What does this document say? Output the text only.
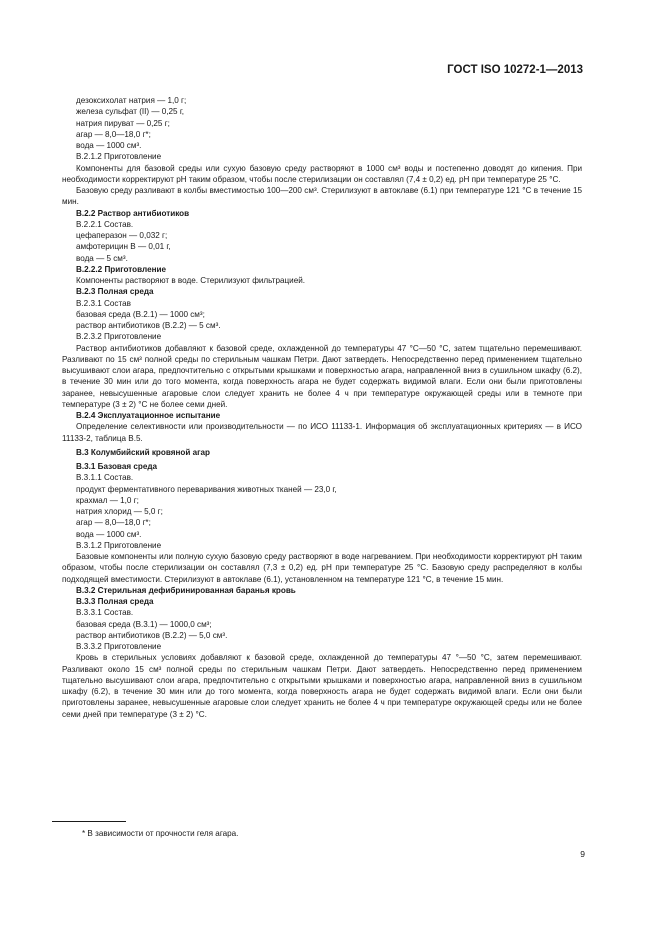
ГОСТ ISO 10272-1—2013

дезоксихолат натрия — 1,0 г;

железа сульфат (II) — 0,25 г,

натрия пируват — 0,25 г;

агар — 8,0—18,0 г*;

вода — 1000 см³.

В.2.1.2 Приготовление

Компоненты для базовой среды или сухую базовую среду растворяют в 1000 см³ воды и постепенно доводят до кипения. При необходимости корректируют pH таким образом, чтобы после стерилизации он составлял (7,4 ± 0,2) ед. pH при температуре 25 °С.

Базовую среду разливают в колбы вместимостью 100—200 см³. Стерилизуют в автоклаве (6.1) при температуре 121 °С в течение 15 мин.

В.2.2 Раствор антибиотиков

В.2.2.1 Состав.

цефаперазон — 0,032 г;

амфотерицин В — 0,01 г,

вода — 5 см³.

В.2.2.2 Приготовление

Компоненты растворяют в воде. Стерилизуют фильтрацией.

В.2.3 Полная среда

В.2.3.1 Состав

базовая среда (В.2.1) — 1000 см³;

раствор антибиотиков (В.2.2) — 5 см³.

В.2.3.2 Приготовление

Раствор антибиотиков добавляют к базовой среде, охлажденной до температуры 47 °С—50 °С, затем тщательно перемешивают. Разливают по 15 см³ полной среды по стерильным чашкам Петри. Дают затвердеть. Непосредственно перед применением тщательно высушивают слои агара, предпочтительно с открытыми крышками и поверхностью агара, направленной вниз в сушильном шкафу (6.2), в течение 30 мин или до того момента, когда поверхность агара не будет содержать видимой влаги. Если они были приготовлены заранее, невысушенные агаровые слои следует хранить не более 4 ч при температуре окружающей среды или в темноте при температуре (3 ± 2) °С не более семи дней.

В.2.4 Эксплуатационное испытание

Определение селективности или производительности — по ИСО 11133-1. Информация об эксплуатационных критериях — в ИСО 11133-2, таблица В.5.

В.3 Колумбийский кровяной агар

В.3.1 Базовая среда

В.3.1.1 Состав.

продукт ферментативного переваривания животных тканей — 23,0 г,

крахмал — 1,0 г;

натрия хлорид — 5,0 г;

агар — 8,0—18,0 г*;

вода — 1000 см³.

В.3.1.2 Приготовление

Базовые компоненты или полную сухую базовую среду растворяют в воде нагреванием. При необходимости корректируют pH таким образом, чтобы после стерилизации он составлял (7,3 ± 0,2) ед. pH при температуре 25 °С. Базовую среду распределяют в колбы подходящей вместимости. Стерилизуют в автоклаве (6.1), установленном на температуре 121 °С, в течение 15 мин.

В.3.2 Стерильная дефибринированная баранья кровь

В.3.3 Полная среда

В.3.3.1 Состав.

базовая среда (В.3.1) — 1000,0 см³;

раствор антибиотиков (В.2.2) — 5,0 см³.

В.3.3.2 Приготовление

Кровь в стерильных условиях добавляют к базовой среде, охлажденной до температуры 47 °—50 °С, затем перемешивают. Разливают около 15 см³ полной среды по стерильным чашкам Петри. Дают затвердеть. Непосредственно перед применением тщательно высушивают слои агара, предпочтительно с открытыми крышками и поверхностью агара, направленной вниз в сушильном шкафу (6.2), в течение 30 мин или до того момента, когда поверхность агара не будет содержать видимой влаги. Если они были приготовлены заранее, невысушенные агаровые слои следует хранить не более 4 ч при температуре окружающей среды или не более семи дней при температуре (3 ± 2) °С.

* В зависимости от прочности геля агара.
9
